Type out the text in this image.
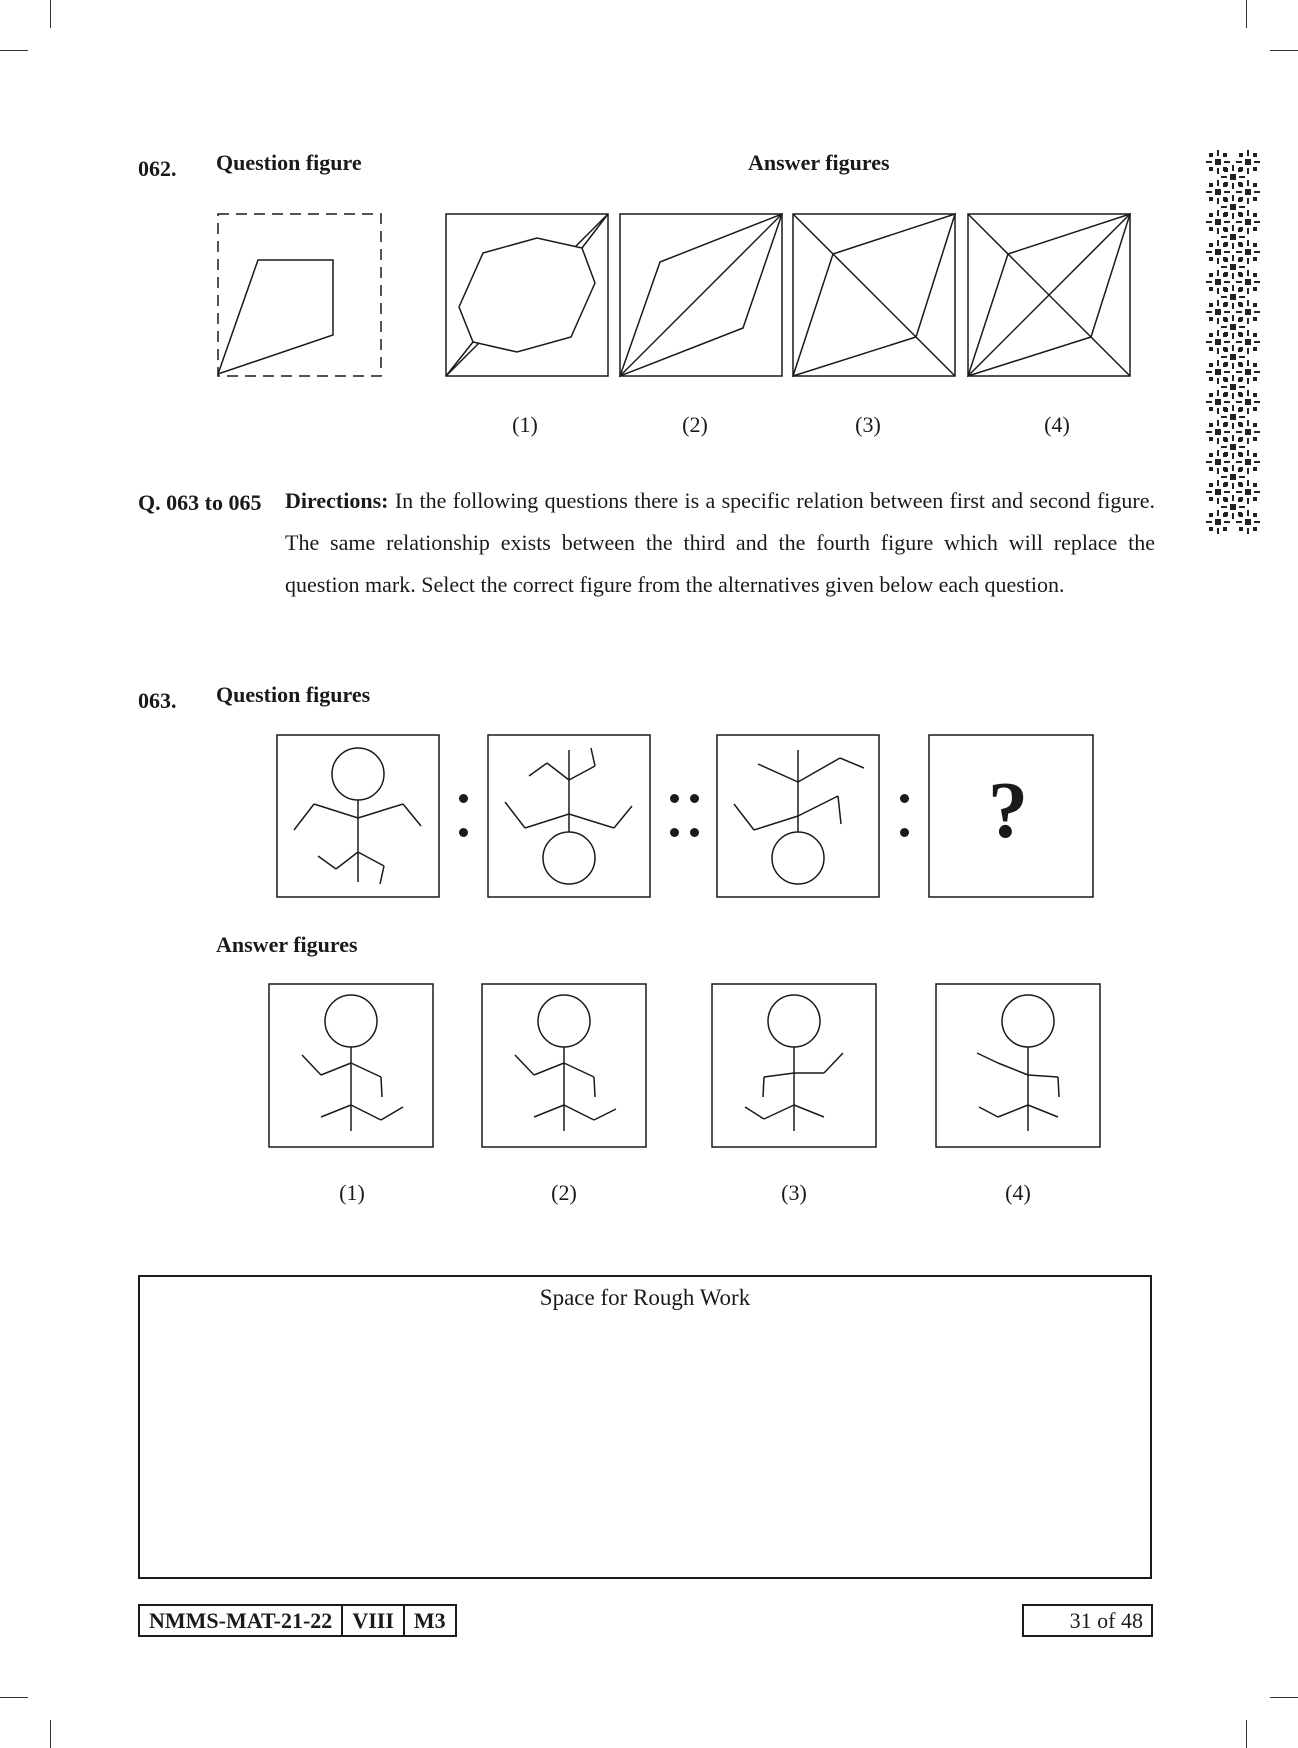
062. Question figure	Answer figures
(1)	(2)	(3)	(4)
Q. 063 to 065 Directions: In the following questions there is a specific relation between first and second figure. The same relationship exists between the third and the fourth figure which will replace the question mark. Select the correct figure from the alternatives given below each question.
063. Question figures
?
Answer figures
(1)	(2)	(3)	(4)
Space for Rough Work
NMMS-MAT-21-22 VIII M3	31 of 48
